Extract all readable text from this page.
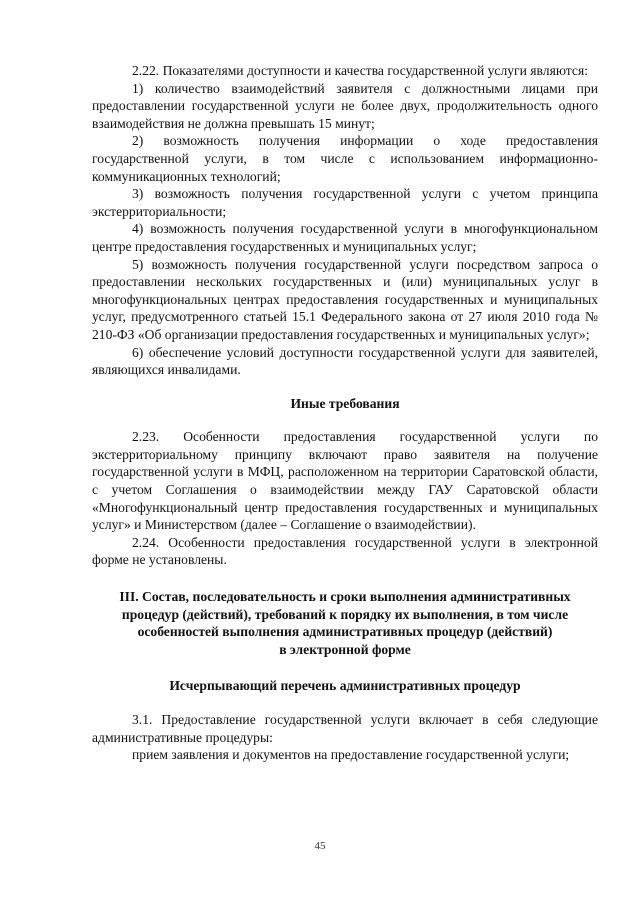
2.22. Показателями доступности и качества государственной услуги являются:

1) количество взаимодействий заявителя с должностными лицами при предоставлении государственной услуги не более двух, продолжительность одного взаимодействия не должна превышать 15 минут;

2) возможность получения информации о ходе предоставления государственной услуги, в том числе с использованием информационно-коммуникационных технологий;

3) возможность получения государственной услуги с учетом принципа экстерриториальности;

4) возможность получения государственной услуги в многофункциональном центре предоставления государственных и муниципальных услуг;

5) возможность получения государственной услуги посредством запроса о предоставлении нескольких государственных и (или) муниципальных услуг в многофункциональных центрах предоставления государственных и муниципальных услуг, предусмотренного статьей 15.1 Федерального закона от 27 июля 2010 года № 210-ФЗ «Об организации предоставления государственных и муниципальных услуг»;

6) обеспечение условий доступности государственной услуги для заявителей, являющихся инвалидами.

Иные требования

2.23. Особенности предоставления государственной услуги по экстерриториальному принципу включают право заявителя на получение государственной услуги в МФЦ, расположенном на территории Саратовской области, с учетом Соглашения о взаимодействии между ГАУ Саратовской области «Многофункциональный центр предоставления государственных и муниципальных услуг» и Министерством (далее – Соглашение о взаимодействии).

2.24. Особенности предоставления государственной услуги в электронной форме не установлены.

III. Состав, последовательность и сроки выполнения административных

процедур (действий), требований к порядку их выполнения, в том числе

особенностей выполнения административных процедур (действий)

в электронной форме

Исчерпывающий перечень административных процедур

3.1. Предоставление государственной услуги включает в себя следующие административные процедуры:

прием заявления и документов на предоставление государственной услуги;

45
